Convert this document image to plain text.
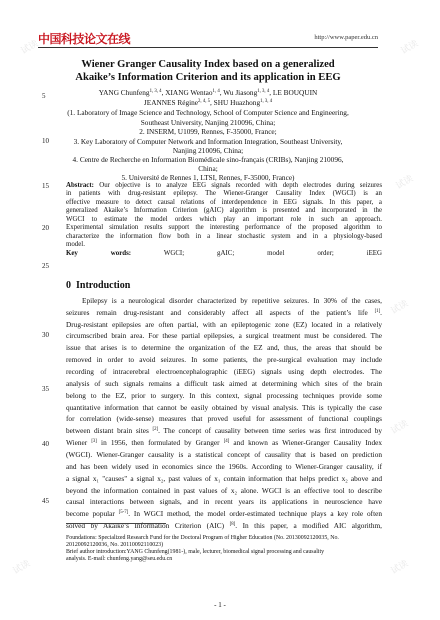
中国 科技论文在线	http://www.paper.edu.cn
Wiener Granger Causality Index based on a generalized
Akaike’s Information Criterion and its application in EEG
YANG Chunfeng$^{1, 3, 4}$, XIANG Wentao$^{1, 4}$, Wu Jiasong$^{1, 3, 4}$, LE BOUQUIN
JEANNES Régine$^{2, 4, 5}$, SHU Huazhong$^{1, 3, 4}$
(1. Laboratory of Image Science and Technology, School of Computer Science and Engineering,
Southeast University, Nanjing 210096, China;
2. INSERM, U1099, Rennes, F-35000, France;
3. Key Laboratory of Computer Network and Information Integration, Southeast University,
Nanjing 210096, China;
4. Centre de Recherche en Information Biomédicale sino-français (CRIBs), Nanjing 210096,
China;
5. Université de Rennes 1, LTSI, Rennes, F-35000, France)
Abstract: Our objective is to analyze EEG signals recorded with depth electrodes during seizures
in patients with drug-resistant epilepsy. The Wiener-Granger Causality Index (WGCI) is an
effective measure to detect causal relations of interdependence in EEG signals. In this paper, a
generalized Akaike’s Information Criterion (gAIC) algorithm is presented and incorporated in the
WGCI to estimate the model orders which play an important role in such an approach.
Experimental simulation results support the interesting performance of the proposed algorithm to
characterize the information flow both in a linear stochastic system and in a physiology-based
model.
Key words: WGCI; gAIC; model order; iEEG
0 Introduction
Epilepsy is a neurological disorder characterized by repetitive seizures. In 30% of the cases,
seizures remain drug-resistant and considerably affect all aspects of the patient’s life [1].
Drug-resistant epilepsies are often partial, with an epileptogenic zone (EZ) located in a relatively
circumscribed brain area. For these partial epilepsies, a surgical treatment must be considered. The
issue that arises is to determine the organization of the EZ and, thus, the areas that should be
removed in order to avoid seizures. In some patients, the pre-surgical evaluation may include
recording of intracerebral electroencephalographic (iEEG) signals using depth electrodes. The
analysis of such signals remains a difficult task aimed at determining which sites of the brain
belong to the EZ, prior to surgery. In this context, signal processing techniques provide some
quantitative information that cannot be easily obtained by visual analysis. This is typically the case
for correlation (wide-sense) measures that proved useful for assessment of functional couplings
between distant brain sites [2]. The concept of causality between time series was first introduced by
Wiener [3] in 1956, then formulated by Granger [4] and known as Wiener-Granger Causality Index
(WGCI). Wiener-Granger causality is a statistical concept of causality that is based on prediction
and has been widely used in economics since the 1960s. According to Wiener-Granger causality, if
a signal x₁ "causes" a signal x₂, past values of x₁ contain information that helps predict x₂ above and
beyond the information contained in past values of x₂ alone. WGCI is an effective tool to describe
causal interactions between signals, and in recent years its applications in neuroscience have
become popular [5-7]. In WGCI method, the model order-estimated technique plays a key role often
solved by Akaike’s Information Criterion (AIC) [8]. In this paper, a modified AIC algorithm,
5
10
15
20
25
30
35
40
45
Foundations: Specialized Research Fund for the Doctoral Program of Higher Education (No. 20130092120035, No.
20120092120036, No. 20110092110023)
Brief author introduction:YANG Chunfeng(1981-), male, lecturer, biomedical signal processing and causality
analysis. E-mail: chunfeng.yang@seu.edu.cn
- 1 -
试读	试读
试读
试读
试读
试读
试读
